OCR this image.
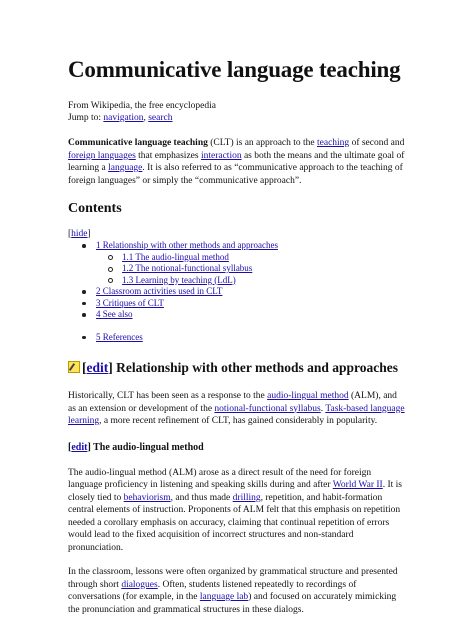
Communicative language teaching
From Wikipedia, the free encyclopedia
Jump to: navigation, search

Communicative language teaching (CLT) is an approach to the teaching of second and foreign languages that emphasizes interaction as both the means and the ultimate goal of learning a language. It is also referred to as “communicative approach to the teaching of foreign languages” or simply the “communicative approach”.

Contents
[hide]
1 Relationship with other methods and approaches
1.1 The audio-lingual method
1.2 The notional-functional syllabus
1.3 Learning by teaching (LdL)
2 Classroom activities used in CLT
3 Critiques of CLT
4 See also
5 References
[edit] Relationship with other methods and approaches

Historically, CLT has been seen as a response to the audio-lingual method (ALM), and as an extension or development of the notional-functional syllabus. Task-based language learning, a more recent refinement of CLT, has gained considerably in popularity.

[edit] The audio-lingual method

The audio-lingual method (ALM) arose as a direct result of the need for foreign language proficiency in listening and speaking skills during and after World War II. It is closely tied to behaviorism, and thus made drilling, repetition, and habit-formation central elements of instruction. Proponents of ALM felt that this emphasis on repetition needed a corollary emphasis on accuracy, claiming that continual repetition of errors would lead to the fixed acquisition of incorrect structures and non-standard pronunciation.

In the classroom, lessons were often organized by grammatical structure and presented through short dialogues. Often, students listened repeatedly to recordings of conversations (for example, in the language lab) and focused on accurately mimicking the pronunciation and grammatical structures in these dialogs.
